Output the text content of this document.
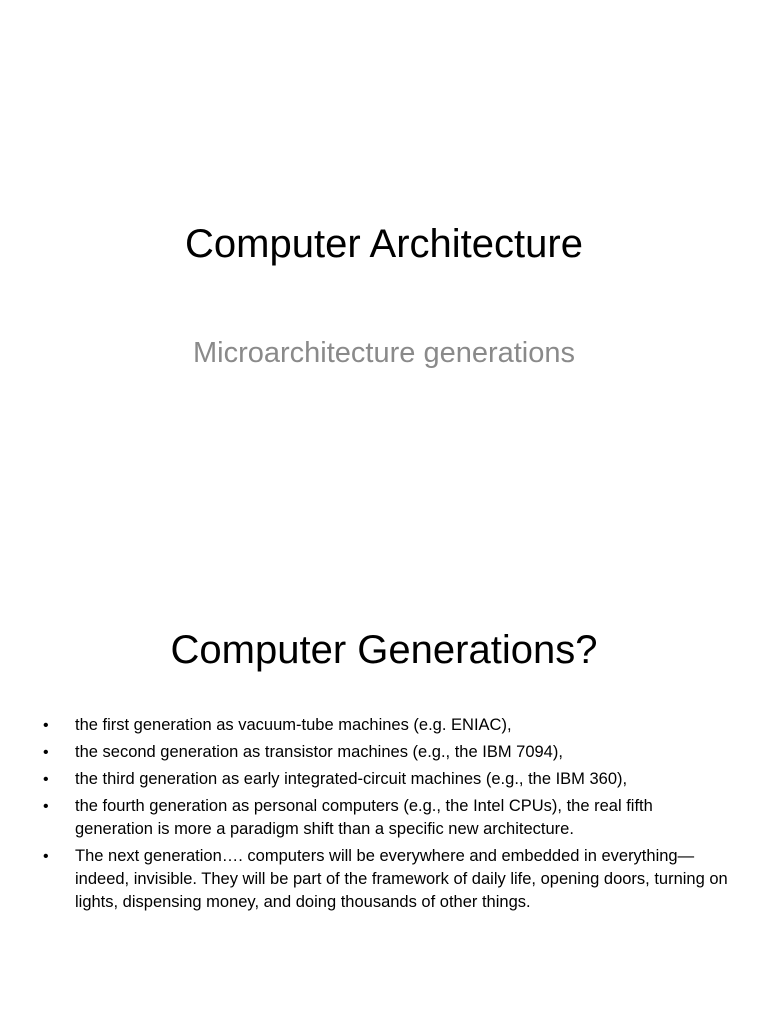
Computer Architecture
Microarchitecture generations
Computer Generations?
• the first generation as vacuum-tube machines (e.g. ENIAC),
• the second generation as transistor machines (e.g., the IBM 7094),
• the third generation as early integrated-circuit machines (e.g., the IBM 360),
• the fourth generation as personal computers (e.g., the Intel CPUs), the real fifth generation is more a paradigm shift than a specific new architecture.
• The next generation…. computers will be everywhere and embedded in everything—indeed, invisible. They will be part of the framework of daily life, opening doors, turning on lights, dispensing money, and doing thousands of other things.
